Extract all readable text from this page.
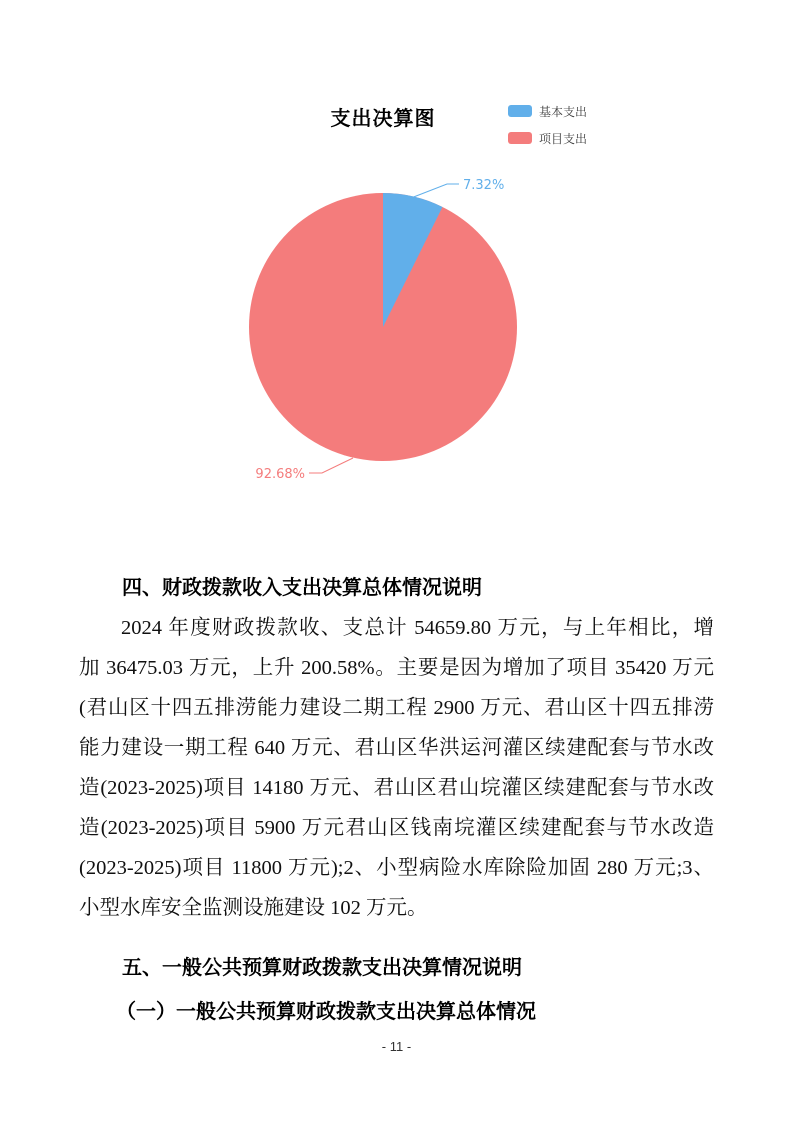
支出决算图	基本支出
项目支出
7.32%
92.68%
四、财政拨款收入支出决算总体情况说明
2024 年度财政拨款收、支总计 54659.80 万元，与上年相比，增
加 36475.03 万元，上升 200.58%。主要是因为增加了项目 35420 万元
(君山区十四五排涝能力建设二期工程 2900 万元、君山区十四五排涝
能力建设一期工程 640 万元、君山区华洪运河灌区续建配套与节水改
造(2023-2025)项目 14180 万元、君山区君山垸灌区续建配套与节水改
造(2023-2025)项目 5900 万元君山区钱南垸灌区续建配套与节水改造
(2023-2025)项目 11800 万元);2、小型病险水库除险加固 280 万元;3、
小型水库安全监测设施建设 102 万元。
五、一般公共预算财政拨款支出决算情况说明
（一）一般公共预算财政拨款支出决算总体情况
- 11 -
